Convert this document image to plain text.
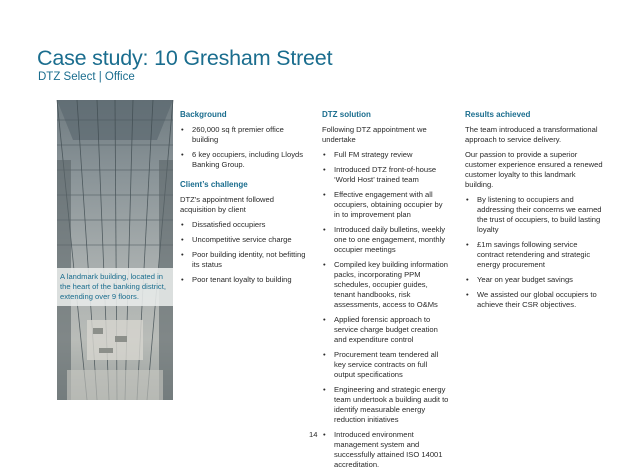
Case study: 10 Gresham Street
DTZ Select | Office
A landmark building, located in the heart of the banking district, extending over 9 floors.
Background
• 260,000 sq ft premier office building
• 6 key occupiers, including Lloyds Banking Group.
Client’s challenge

DTZ’s appointment followed acquisition by client

• Dissatisfied occupiers
• Uncompetitive service charge
• Poor building identity, not befitting its status
• Poor tenant loyalty to building
DTZ solution

Following DTZ appointment we undertake

• Full FM strategy review
• Introduced DTZ front-of-house ‘World Host’ trained team
• Effective engagement with all occupiers, obtaining occupier by in to improvement plan
• Introduced daily bulletins, weekly one to one engagement, monthly occupier meetings
• Compiled key building information packs, incorporating PPM schedules, occupier guides, tenant handbooks, risk assessments, access to O&Ms
• Applied forensic approach to service charge budget creation and expenditure control
• Procurement team tendered all key service contracts on full output specifications
• Engineering and strategic energy team undertook a building audit to identify measurable energy reduction initiatives
• Introduced environment management system and successfully attained ISO 14001 accreditation.
Results achieved

The team introduced a transformational approach to service delivery.

Our passion to provide a superior customer experience ensured a renewed customer loyalty to this landmark building.

• By listening to occupiers and addressing their concerns we earned the trust of occupiers, to build lasting loyalty
• £1m savings following service contract retendering and strategic energy procurement
• Year on year budget savings
• We assisted our global occupiers to achieve their CSR objectives.
14
